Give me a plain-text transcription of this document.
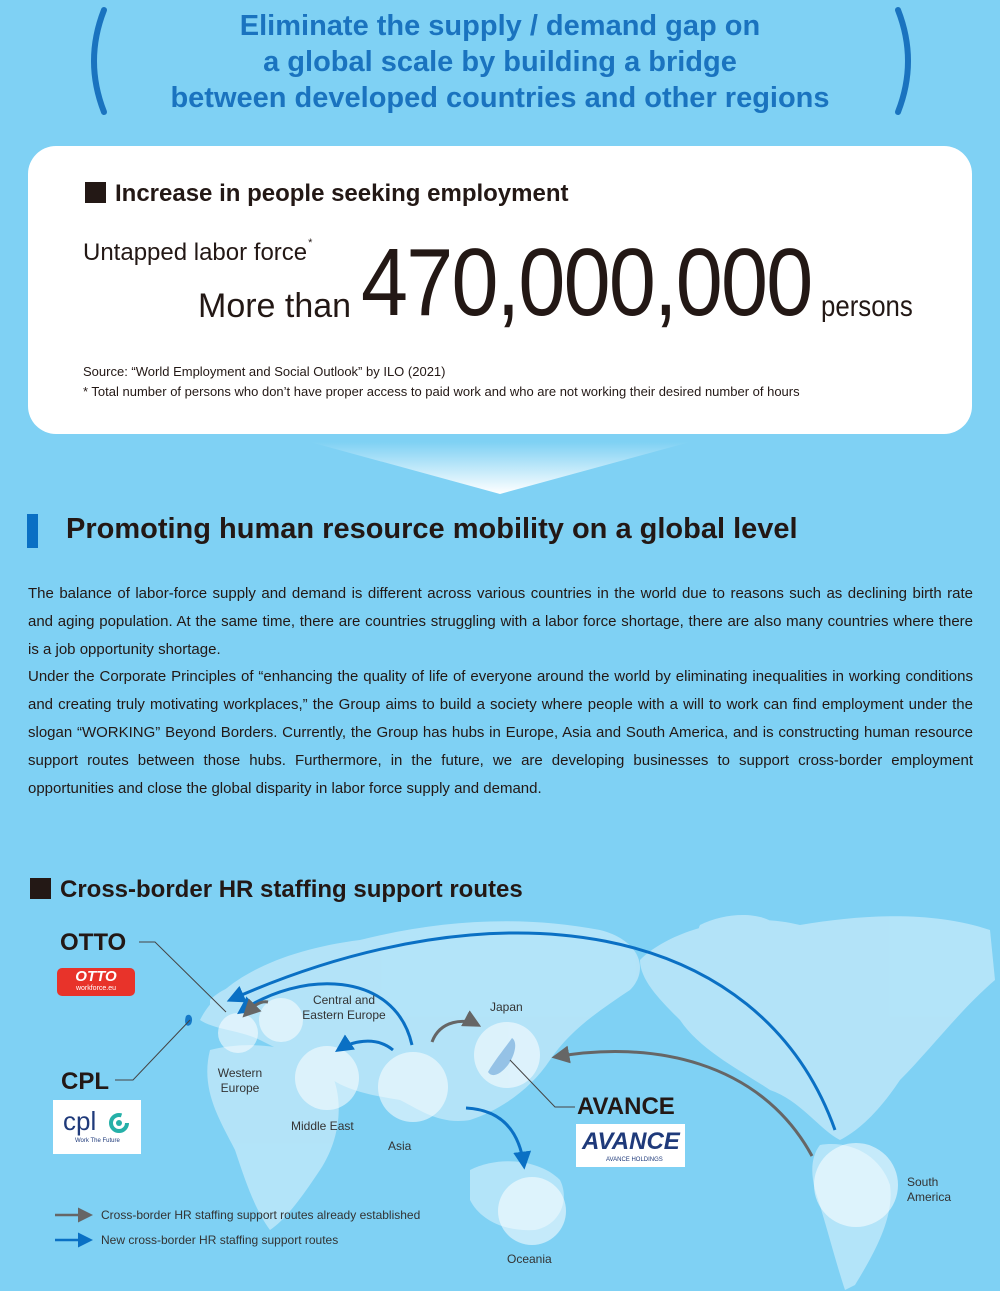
Eliminate the supply / demand gap on
a global scale by building a bridge
between developed countries and other regions
Increase in people seeking employment
Untapped labor force*
More than 470,000,000 persons
Source: “World Employment and Social Outlook” by ILO (2021)
* Total number of persons who don’t have proper access to paid work and who are not working their desired number of hours
Promoting human resource mobility on a global level

The balance of labor-force supply and demand is different across various countries in the world due to reasons such as declining birth rate and aging population. At the same time, there are countries struggling with a labor force shortage, there are also many countries where there is a job opportunity shortage.

Under the Corporate Principles of “enhancing the quality of life of everyone around the world by eliminating inequalities in working conditions and creating truly motivating workplaces,” the Group aims to build a society where people with a will to work can find employment under the slogan “WORKING” Beyond Borders. Currently, the Group has hubs in Europe, Asia and South America, and is constructing human resource support routes between those hubs. Furthermore, in the future, we are developing businesses to support cross-border employment opportunities and close the global disparity in labor force supply and demand.

Cross-border HR staffing support routes
Central and Eastern Europe
Western Europe
Middle East
Asia
Japan
Oceania
South America
OTTO
OTTO
workforce.eu
CPL
cpl
Work The Future
AVANCE
AVANCE
AVANCE HOLDINGS
Cross-border HR staffing support routes already established
New cross-border HR staffing support routes
